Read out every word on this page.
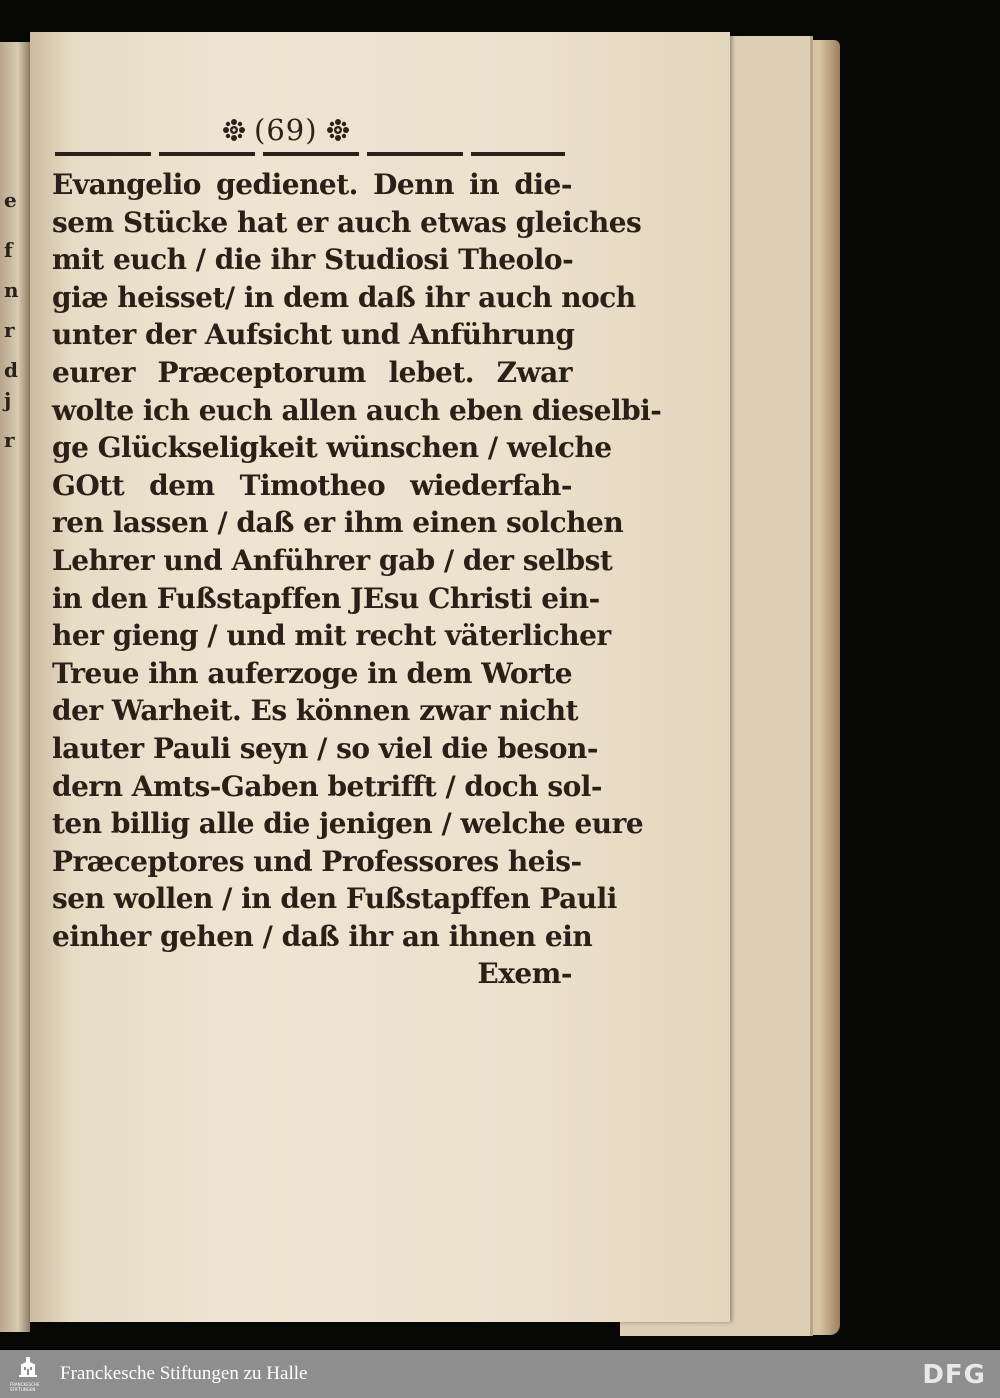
e
f
n
r
d
j
r
(69)
Evangelio gedienet. Denn in die-
sem Stücke hat er auch etwas gleiches
mit euch / die ihr Studiosi Theolo-
giæ heisset/ in dem daß ihr auch noch
unter der Aufsicht und Anführung
eurer Præceptorum lebet. Zwar
wolte ich euch allen auch eben dieselbi-
ge Glückseligkeit wünschen / welche
GOtt dem Timotheo wiederfah-
ren lassen / daß er ihm einen solchen
Lehrer und Anführer gab / der selbst
in den Fußstapffen JEsu Christi ein-
her gieng / und mit recht väterlicher
Treue ihn auferzoge in dem Worte
der Warheit. Es können zwar nicht
lauter Pauli seyn / so viel die beson-
dern Amts-Gaben betrifft / doch sol-
ten billig alle die jenigen / welche eure
Præceptores und Professores heis-
sen wollen / in den Fußstapffen Pauli
einher gehen / daß ihr an ihnen ein
Exem-
FRANCKESCHE STIFTUNGEN
Franckesche Stiftungen zu Halle	DFG
